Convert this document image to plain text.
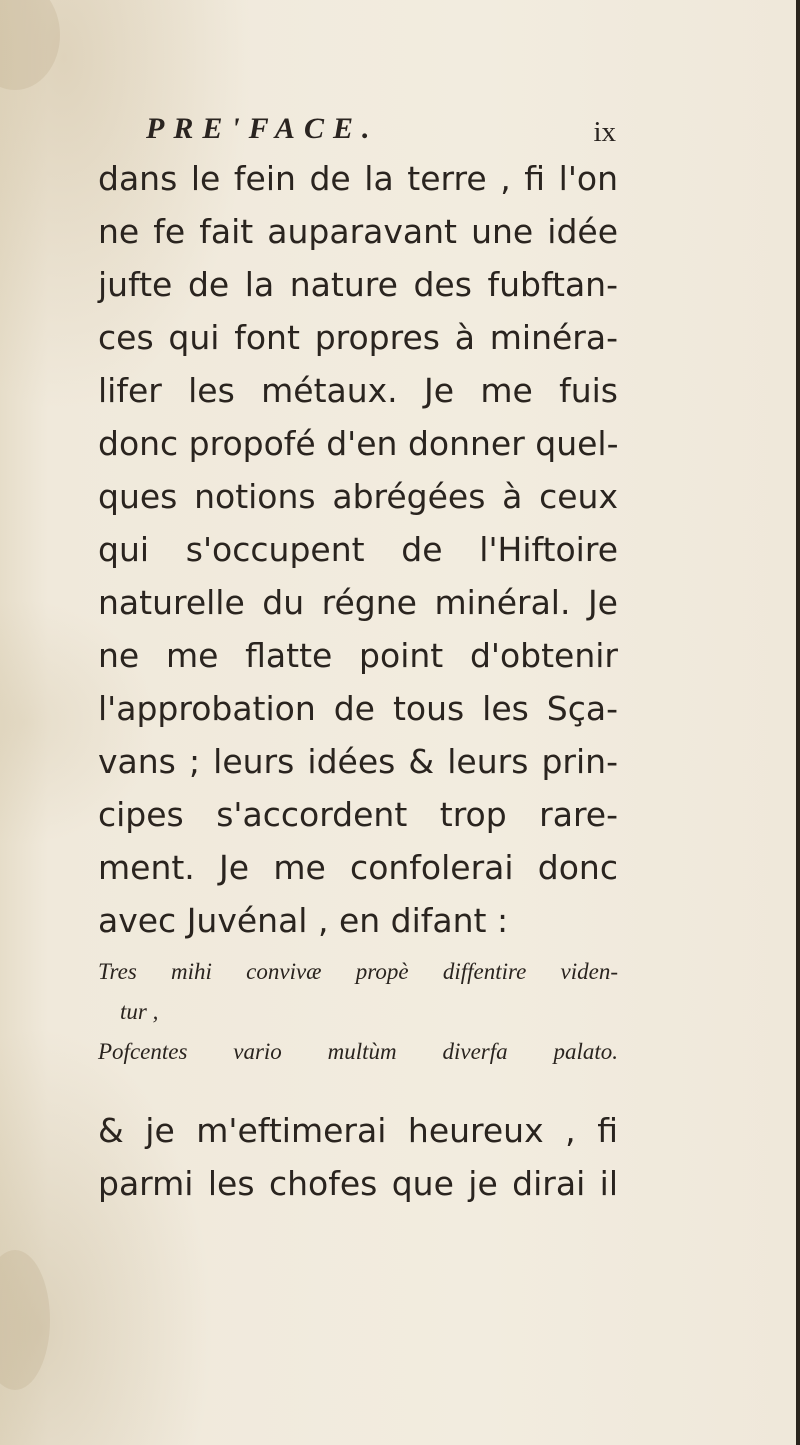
PRE'FACE.	ix
dans le fein de la terre , fi l'on
ne fe fait auparavant une idée
jufte de la nature des fubftan-
ces qui font propres à minéra-
lifer les métaux. Je me fuis
donc propofé d'en donner quel-
ques notions abrégées à ceux
qui s'occupent de l'Hiftoire
naturelle du régne minéral. Je
ne me flatte point d'obtenir
l'approbation de tous les Sça-
vans ; leurs idées & leurs prin-
cipes s'accordent trop rare-
ment. Je me confolerai donc
avec Juvénal , en difant :
Tres mihi convivæ propè diffentire viden-
tur ,
Pofcentes vario multùm diverfa palato.
& je m'eftimerai heureux , fi
parmi les chofes que je dirai il
